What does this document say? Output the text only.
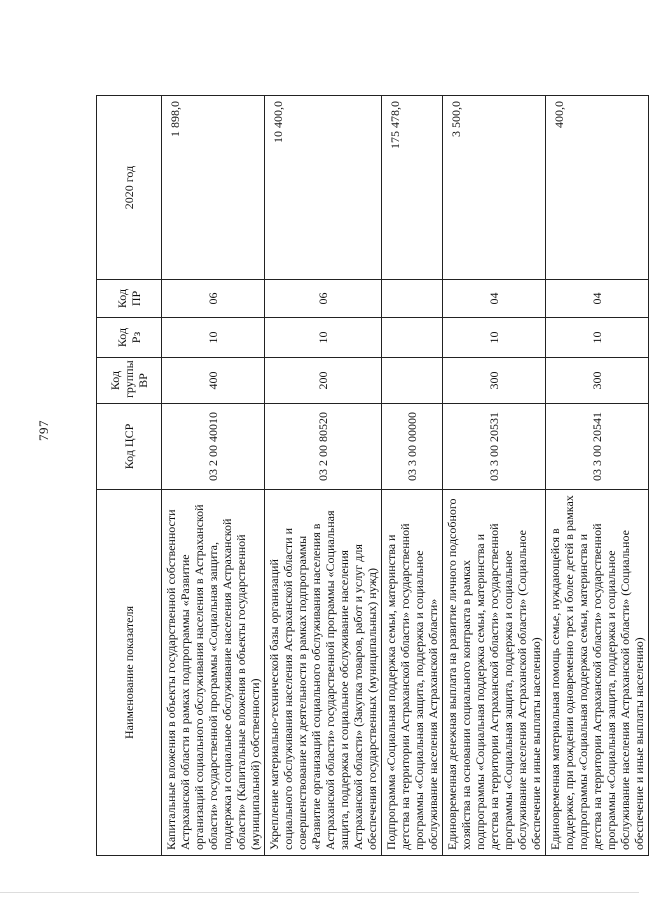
797
Наименование показателя	Код ЦСР	Код группы ВР	Код Рз	Код ПР	2020 год
Капитальные вложения в объекты государственной собственности Астраханской области в рамках подпрограммы «Развитие организаций социального обслуживания населения в Астраханской области» государственной программы «Социальная защита, поддержка и социальное обслуживание населения Астраханской области» (Капитальные вложения в объекты государственной (муниципальной) собственности)	03 2 00 40010	400	10	06	1 898,0
Укрепление материально-технической базы организаций социального обслуживания населения Астраханской области и совершенствование их деятельности в рамках подпрограммы «Развитие организаций социального обслуживания населения в Астраханской области» государственной программы «Социальная защита, поддержка и социальное обслуживание населения Астраханской области» (Закупка товаров, работ и услуг для обеспечения государственных (муниципальных) нужд)	03 2 00 80520	200	10	06	10 400,0
Подпрограмма «Социальная поддержка семьи, материнства и детства на территории Астраханской области» государственной программы «Социальная защита, поддержка и социальное обслуживание населения Астраханской области»	03 3 00 00000				175 478,0
Единовременная денежная выплата на развитие личного подсобного хозяйства на основании социального контракта в рамках подпрограммы «Социальная поддержка семьи, материнства и детства на территории Астраханской области» государственной программы «Социальная защита, поддержка и социальное обслуживание населения Астраханской области» (Социальное обеспечение и иные выплаты населению)	03 3 00 20531	300	10	04	3 500,0
Единовременная материальная помощь семье, нуждающейся в поддержке, при рождении одновременно трех и более детей в рамках подпрограммы «Социальная поддержка семьи, материнства и детства на территории Астраханской области» государственной программы «Социальная защита, поддержка и социальное обслуживание населения Астраханской области» (Социальное обеспечение и иные выплаты населению)	03 3 00 20541	300	10	04	400,0
